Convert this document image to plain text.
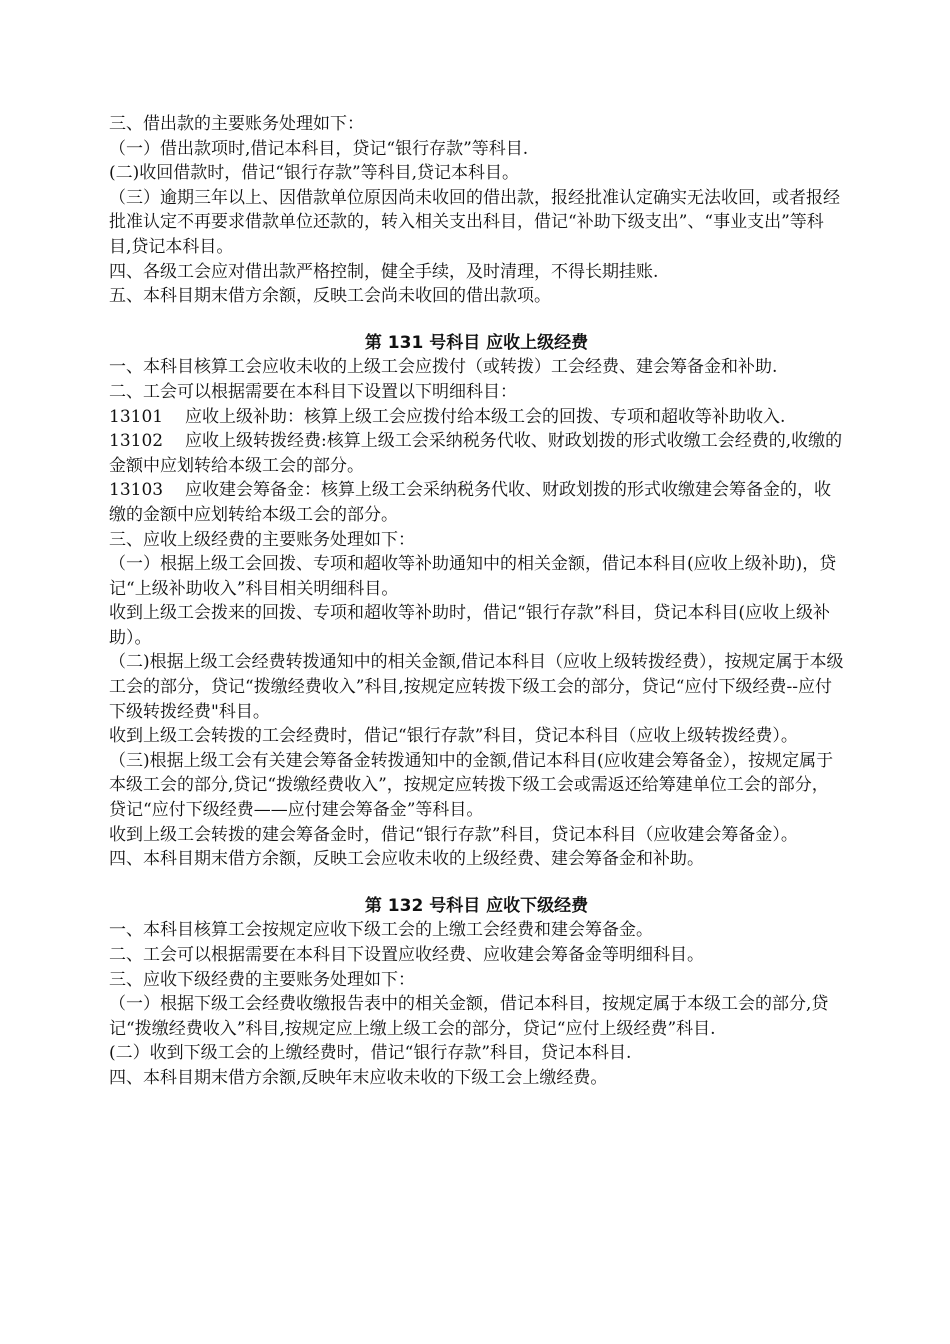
三、借出款的主要账务处理如下：

（一）借出款项时,借记本科目，贷记“银行存款”等科目.

(二)收回借款时，借记“银行存款”等科目,贷记本科目。

（三）逾期三年以上、因借款单位原因尚未收回的借出款，报经批准认定确实无法收回，或者报经批准认定不再要求借款单位还款的，转入相关支出科目，借记“补助下级支出”、“事业支出”等科目,贷记本科目。

四、各级工会应对借出款严格控制，健全手续，及时清理，不得长期挂账.

五、本科目期末借方余额，反映工会尚未收回的借出款项。

第 131 号科目 应收上级经费

一、本科目核算工会应收未收的上级工会应拨付（或转拨）工会经费、建会筹备金和补助.

二、工会可以根据需要在本科目下设置以下明细科目：

13101 应收上级补助：核算上级工会应拨付给本级工会的回拨、专项和超收等补助收入.

13102 应收上级转拨经费:核算上级工会采纳税务代收、财政划拨的形式收缴工会经费的,收缴的金额中应划转给本级工会的部分。

13103 应收建会筹备金：核算上级工会采纳税务代收、财政划拨的形式收缴建会筹备金的，收缴的金额中应划转给本级工会的部分。

三、应收上级经费的主要账务处理如下：

（一）根据上级工会回拨、专项和超收等补助通知中的相关金额，借记本科目(应收上级补助)，贷记“上级补助收入”科目相关明细科目。

收到上级工会拨来的回拨、专项和超收等补助时，借记“银行存款”科目，贷记本科目(应收上级补助）。

（二)根据上级工会经费转拨通知中的相关金额,借记本科目（应收上级转拨经费），按规定属于本级工会的部分，贷记“拨缴经费收入”科目,按规定应转拨下级工会的部分，贷记“应付下级经费--应付下级转拨经费"科目。

收到上级工会转拨的工会经费时，借记“银行存款”科目，贷记本科目（应收上级转拨经费）。

（三)根据上级工会有关建会筹备金转拨通知中的金额,借记本科目(应收建会筹备金），按规定属于本级工会的部分,贷记“拨缴经费收入”，按规定应转拨下级工会或需返还给筹建单位工会的部分，贷记“应付下级经费——应付建会筹备金”等科目。

收到上级工会转拨的建会筹备金时，借记“银行存款”科目，贷记本科目（应收建会筹备金）。

四、本科目期末借方余额，反映工会应收未收的上级经费、建会筹备金和补助。

第 132 号科目 应收下级经费

一、本科目核算工会按规定应收下级工会的上缴工会经费和建会筹备金。

二、工会可以根据需要在本科目下设置应收经费、应收建会筹备金等明细科目。

三、应收下级经费的主要账务处理如下：

（一）根据下级工会经费收缴报告表中的相关金额，借记本科目，按规定属于本级工会的部分,贷记“拨缴经费收入”科目,按规定应上缴上级工会的部分，贷记“应付上级经费”科目.

(二）收到下级工会的上缴经费时，借记“银行存款”科目，贷记本科目.

四、本科目期末借方余额,反映年末应收未收的下级工会上缴经费。
